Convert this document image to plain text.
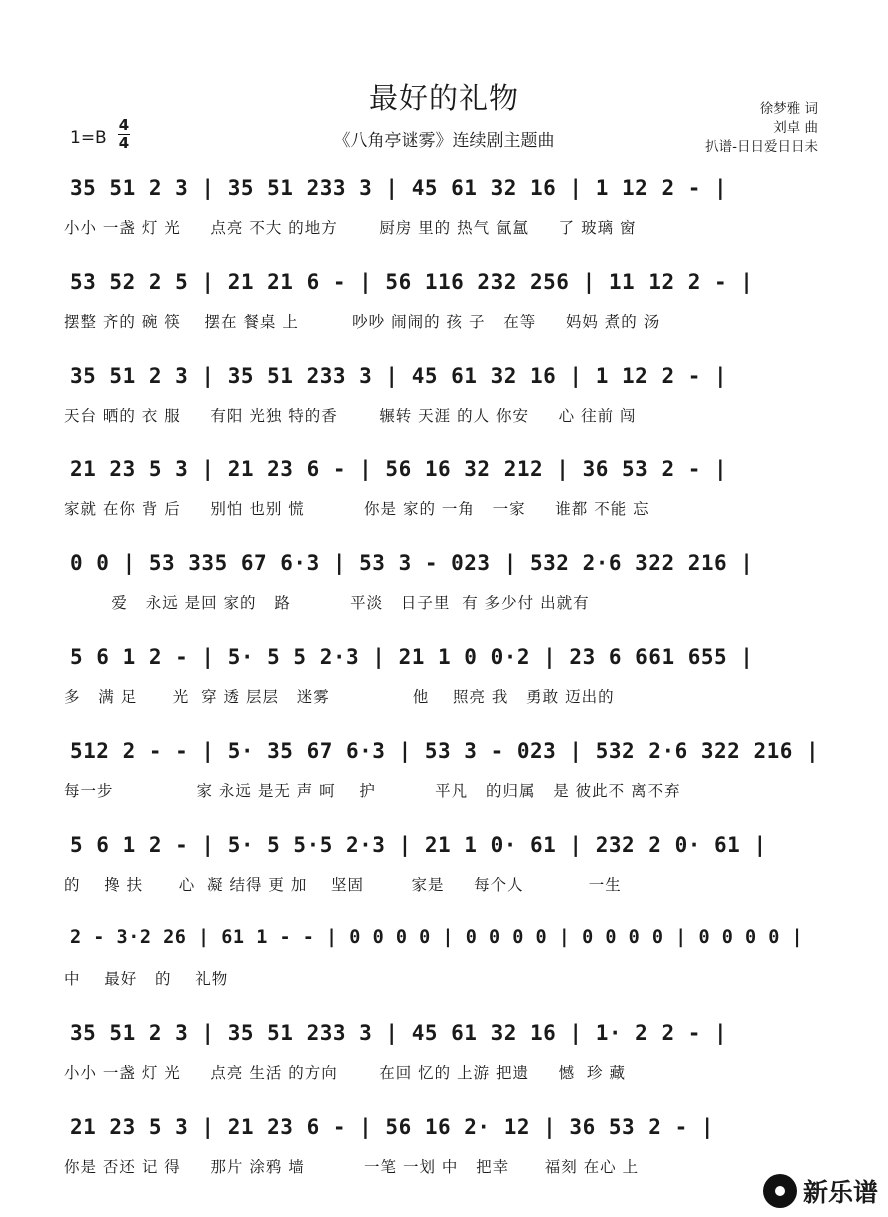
最好的礼物
《八角亭谜雾》连续剧主题曲
1=B
4
4
徐梦雅 词
刘卓 曲
扒谱-日日爱日日未
35 51 2 3 | 35 51 233 3 | 45 61 32 16 | 1 12 2 - |
小小 一盏 灯 光     点亮 不大 的地方       厨房 里的 热气 氤氲     了 玻璃 窗
53 52 2 5 | 21 21 6 - | 56 116 232 256 | 11 12 2 - |
摆整 齐的 碗 筷    摆在 餐桌 上         吵吵 闹闹的 孩 子   在等     妈妈 煮的 汤
35 51 2 3 | 35 51 233 3 | 45 61 32 16 | 1 12 2 - |
天台 晒的 衣 服     有阳 光独 特的香       辗转 天涯 的人 你安     心 往前 闯
21 23 5 3 | 21 23 6 - | 56 16 32 212 | 36 53 2 - |
家就 在你 背 后     别怕 也别 慌          你是 家的 一角   一家     谁都 不能 忘
0 0 | 53 335 67 6·3 | 53 3 - 023 | 532 2·6 322 216 |
爱   永远 是回 家的   路          平淡   日子里  有 多少付 出就有
5 6 1 2 - | 5· 5 5 2·3 | 21 1 0 0·2 | 23 6 661 655 |
多   满 足      光  穿 透 层层   迷雾              他    照亮 我   勇敢 迈出的
512 2 - - | 5· 35 67 6·3 | 53 3 - 023 | 532 2·6 322 216 |
每一步              家 永远 是无 声 呵    护          平凡   的归属   是 彼此不 离不弃
5 6 1 2 - | 5· 5 5·5 2·3 | 21 1 0· 61 | 232 2 0· 61 |
的    搀 扶      心  凝 结得 更 加    坚固        家是     每个人           一生
2 - 3·2 26 | 61 1 - - | 0 0 0 0 | 0 0 0 0 | 0 0 0 0 | 0 0 0 0 |
中    最好   的    礼物
35 51 2 3 | 35 51 233 3 | 45 61 32 16 | 1· 2 2 - |
小小 一盏 灯 光     点亮 生活 的方向       在回 忆的 上游 把遗     憾  珍 藏
21 23 5 3 | 21 23 6 - | 56 16 2· 12 | 36 53 2 - |
你是 否还 记 得     那片 涂鸦 墙          一笔 一划 中   把幸      福刻 在心 上
新乐谱
